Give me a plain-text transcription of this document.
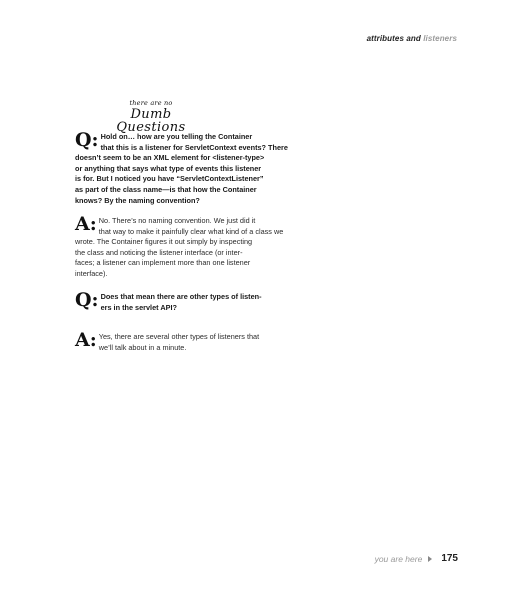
attributes and listeners
there are no
Dumb Questions
Q: Hold on… how are you telling the Container
that this is a listener for ServletContext events? There
doesn’t seem to be an XML element for <listener-type>
or anything that says what type of events this listener
is for. But I noticed you have “ServletContextListener”
as part of the class name—is that how the Container
knows? By the naming convention?
A: No. There’s no naming convention. We just did it
that way to make it painfully clear what kind of a class we
wrote. The Container figures it out simply by inspecting
the class and noticing the listener interface (or inter-
faces; a listener can implement more than one listener
interface).
Q: Does that mean there are other types of listen-
ers in the servlet API?
A: Yes, there are several other types of listeners that
we’ll talk about in a minute.
you are here 175
